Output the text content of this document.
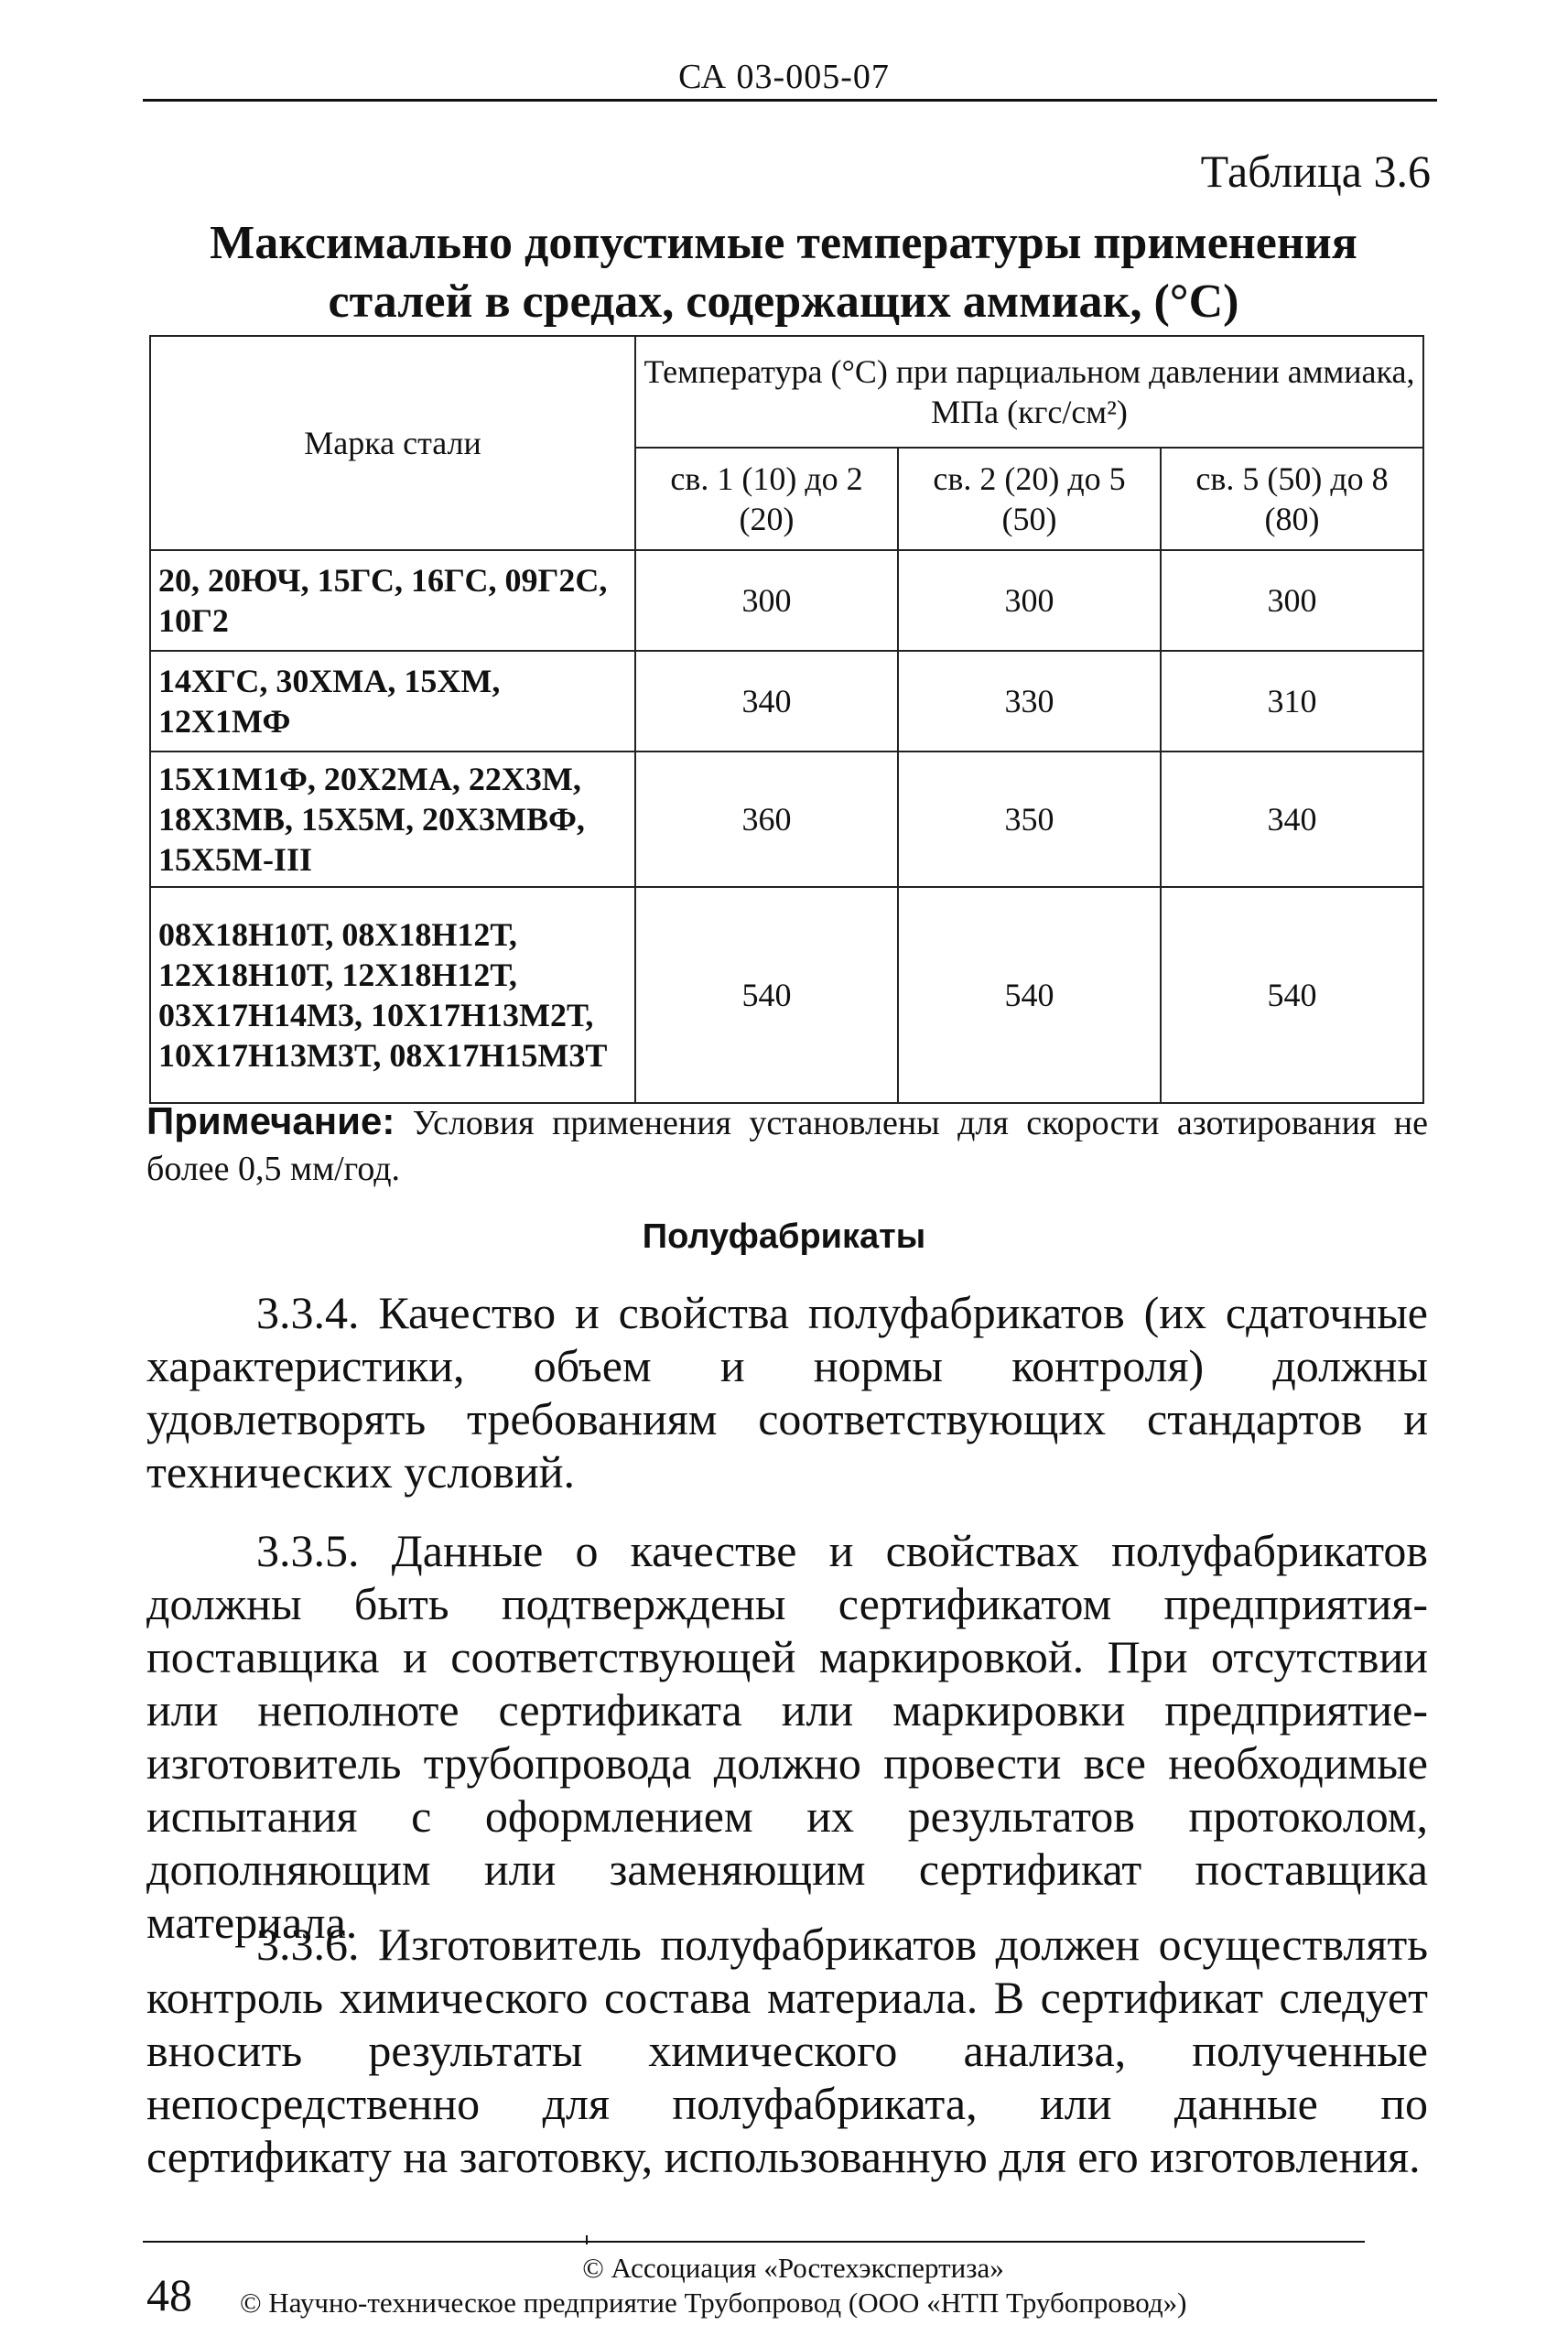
СА 03-005-07
Таблица 3.6
Максимально допустимые температуры применения
сталей в средах, содержащих аммиак, (°С)
Марка стали	Температура (°С) при парциальном давлении аммиака, МПа (кгс/см²)		
	св. 1 (10) до 2 (20)	св. 2 (20) до 5 (50)	св. 5 (50) до 8 (80)
20, 20ЮЧ, 15ГС, 16ГС, 09Г2С, 10Г2	300	300	300
14ХГС, 30ХМА, 15ХМ, 12Х1МФ	340	330	310
15Х1М1Ф, 20Х2МА, 22Х3М, 18Х3МВ, 15Х5М, 20Х3МВФ, 15Х5М-III	360	350	340
08Х18Н10Т, 08Х18Н12Т, 12Х18Н10Т, 12Х18Н12Т, 03Х17Н14М3, 10Х17Н13М2Т, 10Х17Н13М3Т, 08Х17Н15М3Т	540	540	540
Примечание: Условия применения установлены для скорости азотирования не более 0,5 мм/год.
Полуфабрикаты

3.3.4. Качество и свойства полуфабрикатов (их сдаточные характеристики, объем и нормы контроля) должны удовлетворять требованиям соответствующих стандартов и технических условий.

3.3.5. Данные о качестве и свойствах полуфабрикатов должны быть подтверждены сертификатом предприятия-поставщика и соответствующей маркировкой. При отсутствии или неполноте сертификата или маркировки предприятие-изготовитель трубопровода должно провести все необходимые испытания с оформлением их результатов протоколом, дополняющим или заменяющим сертификат поставщика материала.

3.3.6. Изготовитель полуфабрикатов должен осуществлять контроль химического состава материала. В сертификат следует вносить результаты химического анализа, полученные непосредственно для полуфабриката, или данные по сертификату на заготовку, использованную для его изготовления.

© Ассоциация «Ростехэкспертиза»
48 © Научно-техническое предприятие Трубопровод (ООО «НТП Трубопровод»)
